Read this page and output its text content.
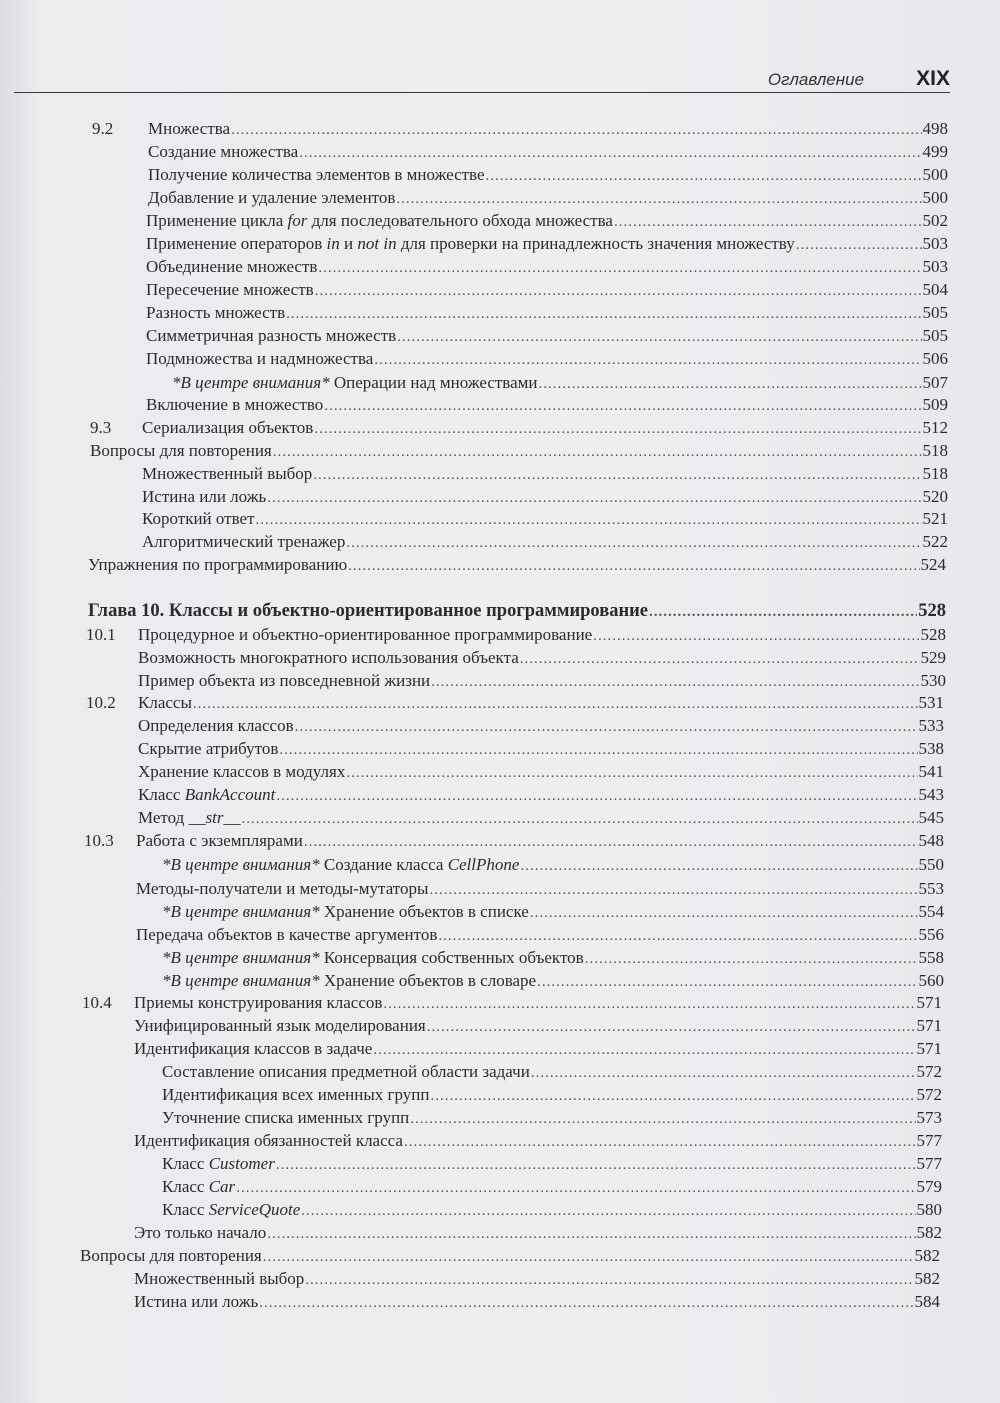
Оглавление XIX
9.2 Множества .....	498
Создание множества .....	499
Получение количества элементов в множестве .....	500
Добавление и удаление элементов .....	500
Применение цикла for для последовательного обхода множества .....	502
Применение операторов in и not in для проверки на принадлежность значения множеству .....	503
Объединение множеств .....	503
Пересечение множеств .....	504
Разность множеств .....	505
Симметричная разность множеств .....	505
Подмножества и надмножества .....	506
*В центре внимания* Операции над множествами .....	507
Включение в множество .....	509
9.3 Сериализация объектов .....	512
Вопросы для повторения .....	518
Множественный выбор .....	518
Истина или ложь .....	520
Короткий ответ .....	521
Алгоритмический тренажер .....	522
Упражнения по программированию .....	524
Глава 10. Классы и объектно-ориентированное программирование .....	528
10.1 Процедурное и объектно-ориентированное программирование .....	528
Возможность многократного использования объекта .....	529
Пример объекта из повседневной жизни .....	530
10.2 Классы .....	531
Определения классов .....	533
Скрытие атрибутов .....	538
Хранение классов в модулях .....	541
Класс BankAccount .....	543
Метод __str__ .....	545
10.3 Работа с экземплярами .....	548
*В центре внимания* Создание класса CellPhone .....	550
Методы-получатели и методы-мутаторы .....	553
*В центре внимания* Хранение объектов в списке .....	554
Передача объектов в качестве аргументов .....	556
*В центре внимания* Консервация собственных объектов .....	558
*В центре внимания* Хранение объектов в словаре .....	560
10.4 Приемы конструирования классов .....	571
Унифицированный язык моделирования .....	571
Идентификация классов в задаче .....	571
Составление описания предметной области задачи .....	572
Идентификация всех именных групп .....	572
Уточнение списка именных групп .....	573
Идентификация обязанностей класса .....	577
Класс Customer .....	577
Класс Car .....	579
Класс ServiceQuote .....	580
Это только начало .....	582
Вопросы для повторения .....	582
Множественный выбор .....	582
Истина или ложь .....	584
